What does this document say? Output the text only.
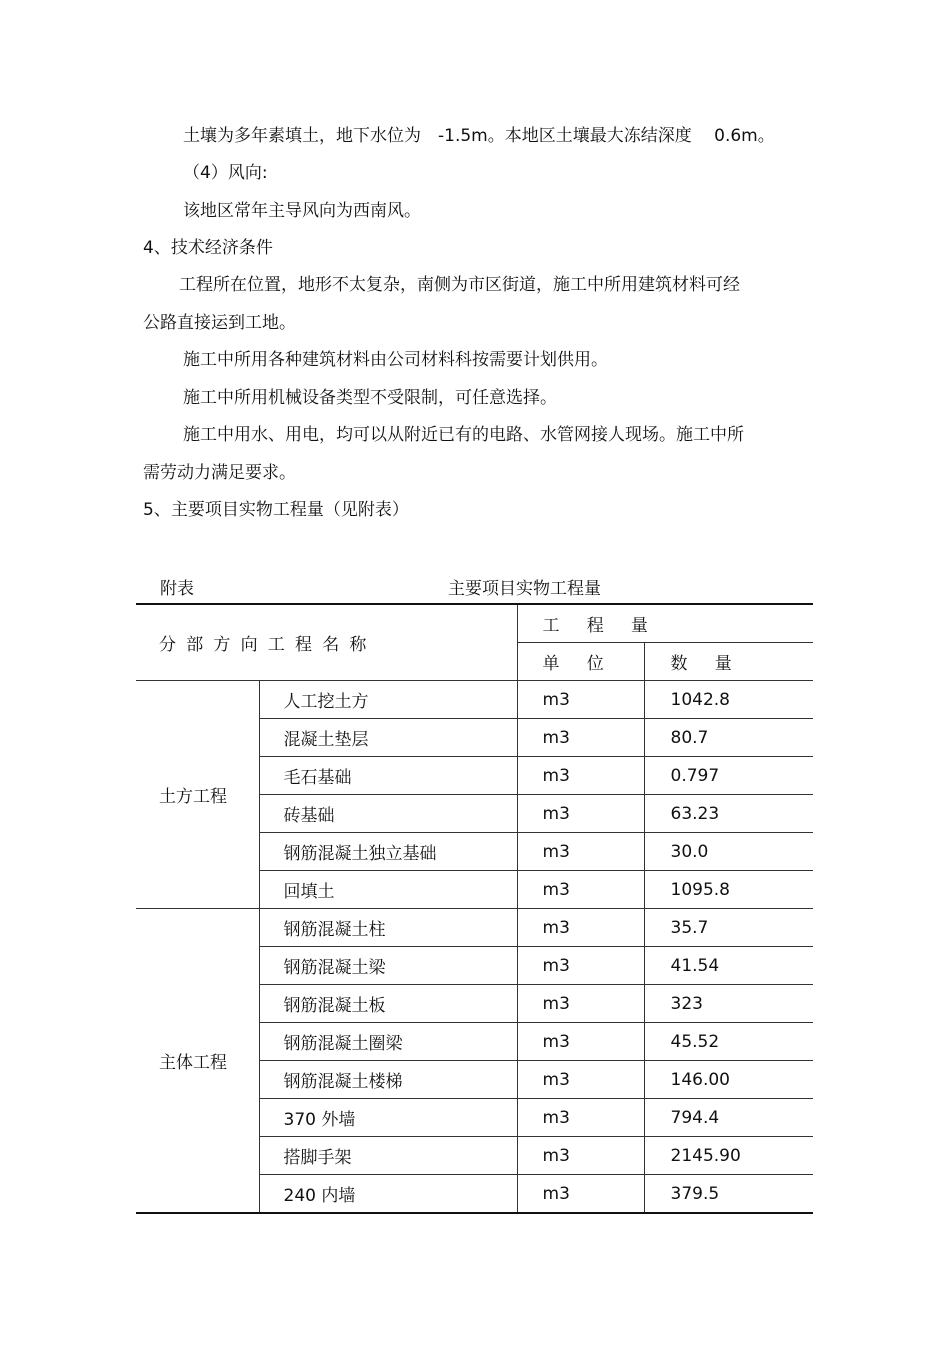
土壤为多年素填土，地下水位为　-1.5m。本地区土壤最大冻结深度　 0.6m。
（4）风向:
该地区常年主导风向为西南风。
4、技术经济条件
工程所在位置，地形不太复杂，南侧为市区街道，施工中所用建筑材料可经
公路直接运到工地。
施工中所用各种建筑材料由公司材料科按需要计划供用。
施工中所用机械设备类型不受限制，可任意选择。
施工中用水、用电，均可以从附近已有的电路、水管网接人现场。施工中所
需劳动力满足要求。
5、主要项目实物工程量（见附表）
附表	主要项目实物工程量
分部方向工程名称		工程量	
		单位	数量
土方工程	人工挖土方	m3	1042.8
	混凝土垫层	m3	80.7
	毛石基础	m3	0.797
	砖基础	m3	63.23
	钢筋混凝土独立基础	m3	30.0
	回填土	m3	1095.8
主体工程	钢筋混凝土柱	m3	35.7
	钢筋混凝土梁	m3	41.54
	钢筋混凝土板	m3	323
	钢筋混凝土圈梁	m3	45.52
	钢筋混凝土楼梯	m3	146.00
	370 外墙	m3	794.4
	搭脚手架	m3	2145.90
	240 内墙	m3	379.5
